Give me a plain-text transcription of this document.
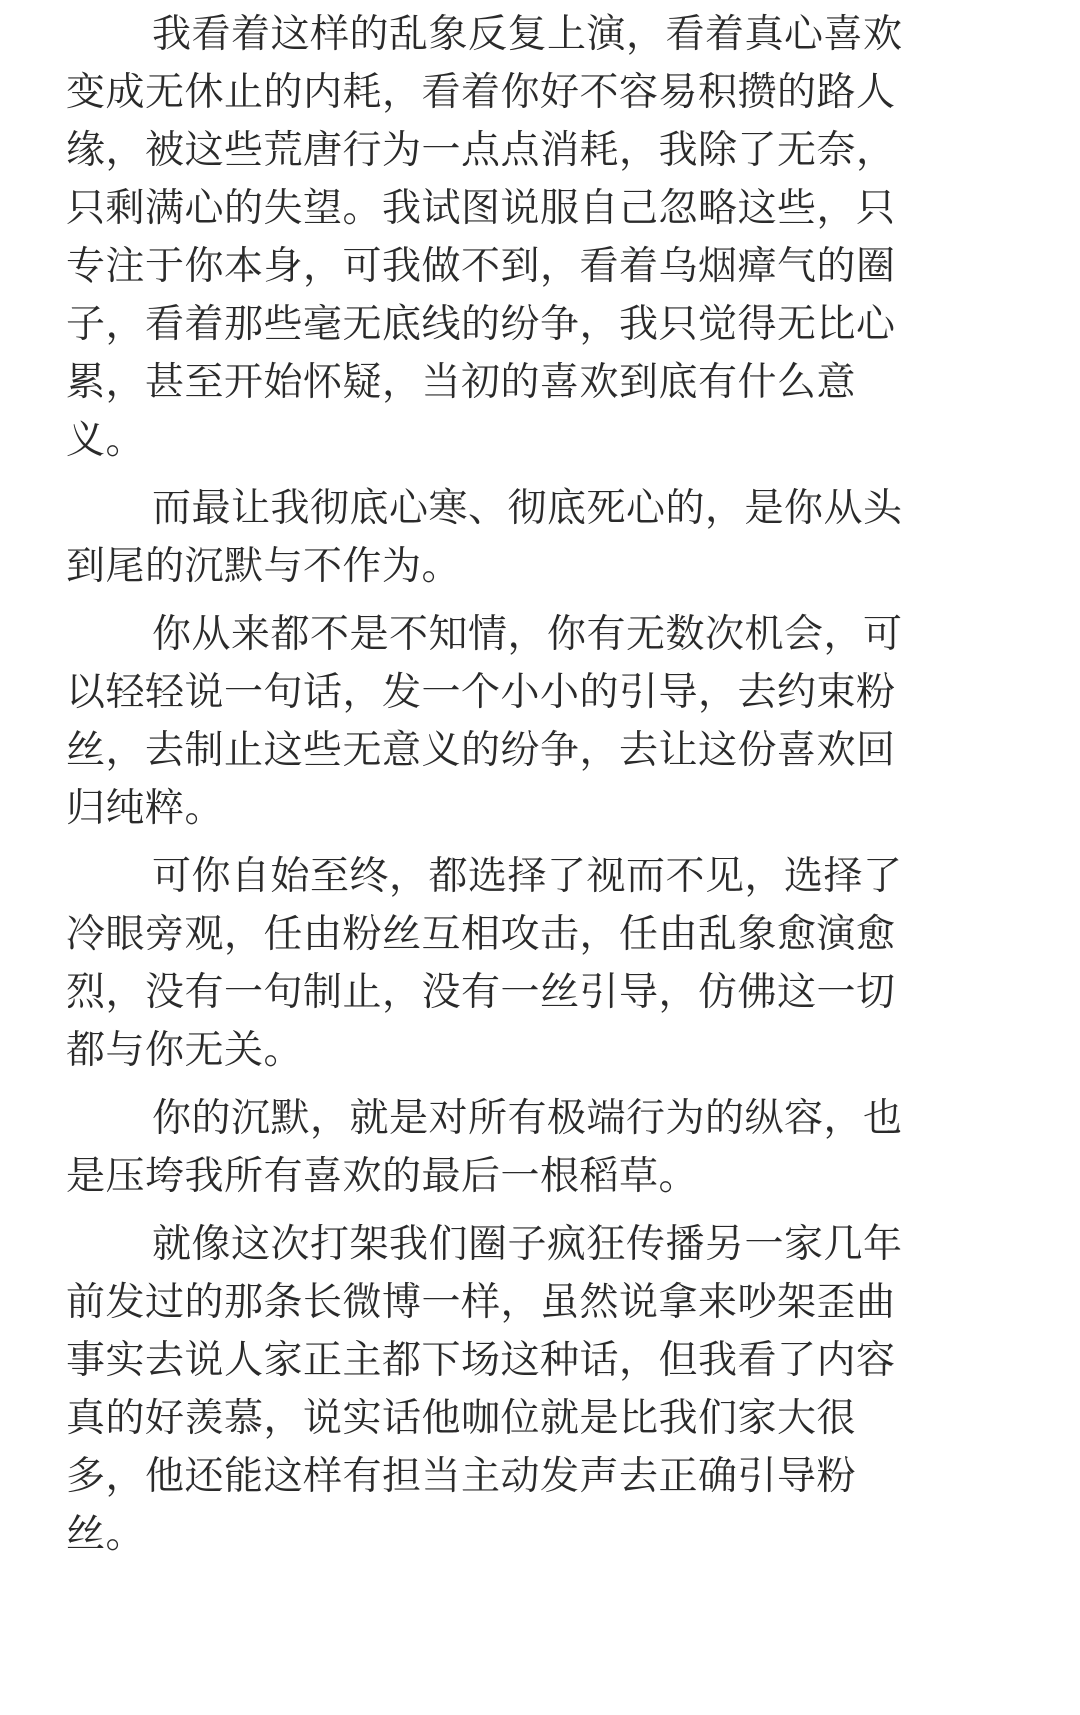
我看着这样的乱象反复上演，看着真心喜欢
变成无休止的内耗，看着你好不容易积攒的路人
缘，被这些荒唐行为一点点消耗，我除了无奈，
只剩满心的失望。我试图说服自己忽略这些，只
专注于你本身，可我做不到，看着乌烟瘴气的圈
子，看着那些毫无底线的纷争，我只觉得无比心
累，甚至开始怀疑，当初的喜欢到底有什么意
义。
而最让我彻底心寒、彻底死心的，是你从头
到尾的沉默与不作为。
你从来都不是不知情，你有无数次机会，可
以轻轻说一句话，发一个小小的引导，去约束粉
丝，去制止这些无意义的纷争，去让这份喜欢回
归纯粹。
可你自始至终，都选择了视而不见，选择了
冷眼旁观，任由粉丝互相攻击，任由乱象愈演愈
烈，没有一句制止，没有一丝引导，仿佛这一切
都与你无关。
你的沉默，就是对所有极端行为的纵容，也
是压垮我所有喜欢的最后一根稻草。
就像这次打架我们圈子疯狂传播另一家几年
前发过的那条长微博一样，虽然说拿来吵架歪曲
事实去说人家正主都下场这种话，但我看了内容
真的好羡慕，说实话他咖位就是比我们家大很
多，他还能这样有担当主动发声去正确引导粉
丝。
